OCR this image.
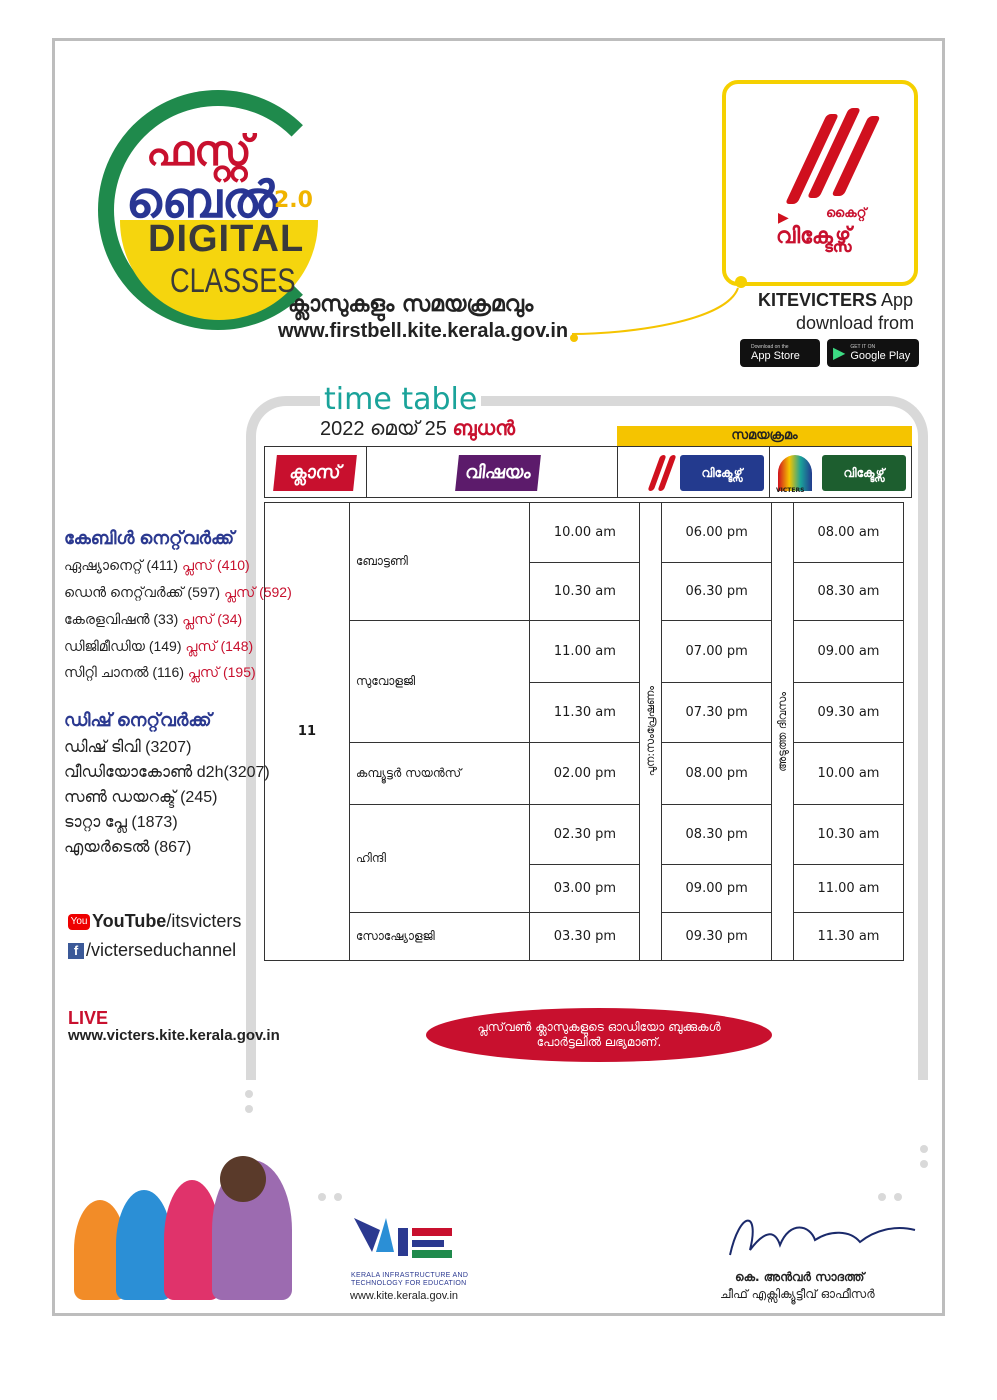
ഫസ്റ്റ്
ബെൽ
2.0
DIGITAL
CLASSES
ക്ലാസുകളും സമയക്രമവും
www.firstbell.kite.kerala.gov.in
▶	കൈറ്റ്
വിക്ടേഴ്സ്
KITEVICTERS App
download from
Download on the
App Store ▶ GET IT ON
Google Play
time table
2022 മെയ് 25 ബുധൻ	സമയക്രമം
ക്ലാസ്	വിഷയം	വിക്ടേഴ്സ്
VICTERS
വിക്ടേഴ്സ്
11	ബോട്ടണി	10.00 am	പുന:സംപ്രേഷണം	06.00 pm	അടുത്ത ദിവസം	08.00 am
		10.30 am		06.30 pm		08.30 am
	സുവോളജി	11.00 am		07.00 pm		09.00 am
		11.30 am		07.30 pm		09.30 am
	കമ്പ്യൂട്ടർ സയൻസ്	02.00 pm		08.00 pm		10.00 am
	ഹിന്ദി	02.30 pm		08.30 pm		10.30 am
		03.00 pm		09.00 pm		11.00 am
	സോഷ്യോളജി	03.30 pm		09.30 pm		11.30 am
കേബിൾ നെറ്റ്‌വർക്ക്
ഏഷ്യാനെറ്റ് (411) പ്ലസ് (410)
ഡെൻ നെറ്റ്‌വർക്ക് (597) പ്ലസ് (592)
കേരളവിഷൻ (33) പ്ലസ് (34)
ഡിജിമീഡിയ (149) പ്ലസ് (148)
സിറ്റി ചാനൽ (116) പ്ലസ് (195)
ഡിഷ് നെറ്റ്‌വർക്ക്
ഡിഷ് ടിവി (3207)
വീഡിയോകോൺ d2h(3207)
സൺ ഡയറക്ട് (245)
ടാറ്റാ പ്ലേ (1873)
എയർടെൽ (867)
You YouTube/itsvicters
f /victerseduchannel
LIVE
www.victers.kite.kerala.gov.in	പ്ലസ്‌വൺ ക്ലാസുകളുടെ ഓഡിയോ ബുക്കുകൾ
പോർട്ടലിൽ ലഭ്യമാണ്.
KERALA INFRASTRUCTURE AND TECHNOLOGY FOR EDUCATION
www.kite.kerala.gov.in
കെ. അൻവർ സാദത്ത്
ചീഫ് എക്സിക്യൂട്ടീവ് ഓഫീസർ
